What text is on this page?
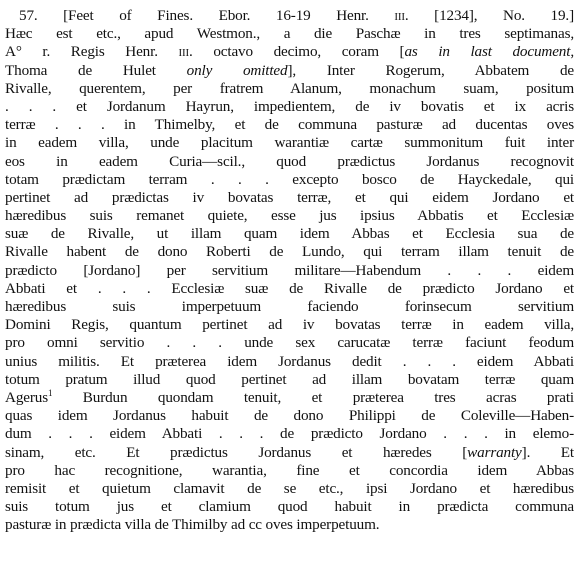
57. [Feet of Fines. Ebor. 16-19 Henr. iii. [1234], No. 19.]
Hæc est etc., apud Westmon., a die Paschæ in tres septimanas,
A° r. Regis Henr. iii. octavo decimo, coram [as in last document,
Thoma de Hulet only omitted], Inter Rogerum, Abbatem de
Rivalle, querentem, per fratrem Alanum, monachum suam, positum
. . . et Jordanum Hayrun, impedientem, de iv bovatis et ix acris
terræ . . . in Thimelby, et de communa pasturæ ad ducentas oves
in eadem villa, unde placitum warantiæ cartæ summonitum fuit inter
eos in eadem Curia—scil., quod prædictus Jordanus recognovit
totam prædictam terram . . . excepto bosco de Hayckedale, qui
pertinet ad prædictas iv bovatas terræ, et qui eidem Jordano et
hæredibus suis remanet quiete, esse jus ipsius Abbatis et Ecclesiæ
suæ de Rivalle, ut illam quam idem Abbas et Ecclesia sua de
Rivalle habent de dono Roberti de Lundo, qui terram illam tenuit de
prædicto [Jordano] per servitium militare—Habendum . . . eidem
Abbati et . . . Ecclesiæ suæ de Rivalle de prædicto Jordano et
hæredibus suis imperpetuum faciendo forinsecum servitium
Domini Regis, quantum pertinet ad iv bovatas terræ in eadem villa,
pro omni servitio . . . unde sex carucatæ terræ faciunt feodum
unius militis. Et præterea idem Jordanus dedit . . . eidem Abbati
totum pratum illud quod pertinet ad illam bovatam terræ quam
Agerus$^1$ Burdun quondam tenuit, et præterea tres acras prati
quas idem Jordanus habuit de dono Philippi de Coleville—Haben-
dum . . . eidem Abbati . . . de prædicto Jordano . . . in elemo-
sinam, etc. Et prædictus Jordanus et hæredes [warranty]. Et
pro hac recognitione, warantia, fine et concordia idem Abbas
remisit et quietum clamavit de se etc., ipsi Jordano et hæredibus
suis totum jus et clamium quod habuit in prædicta communa
pasturæ in prædicta villa de Thimilby ad cc oves imperpetuum.
